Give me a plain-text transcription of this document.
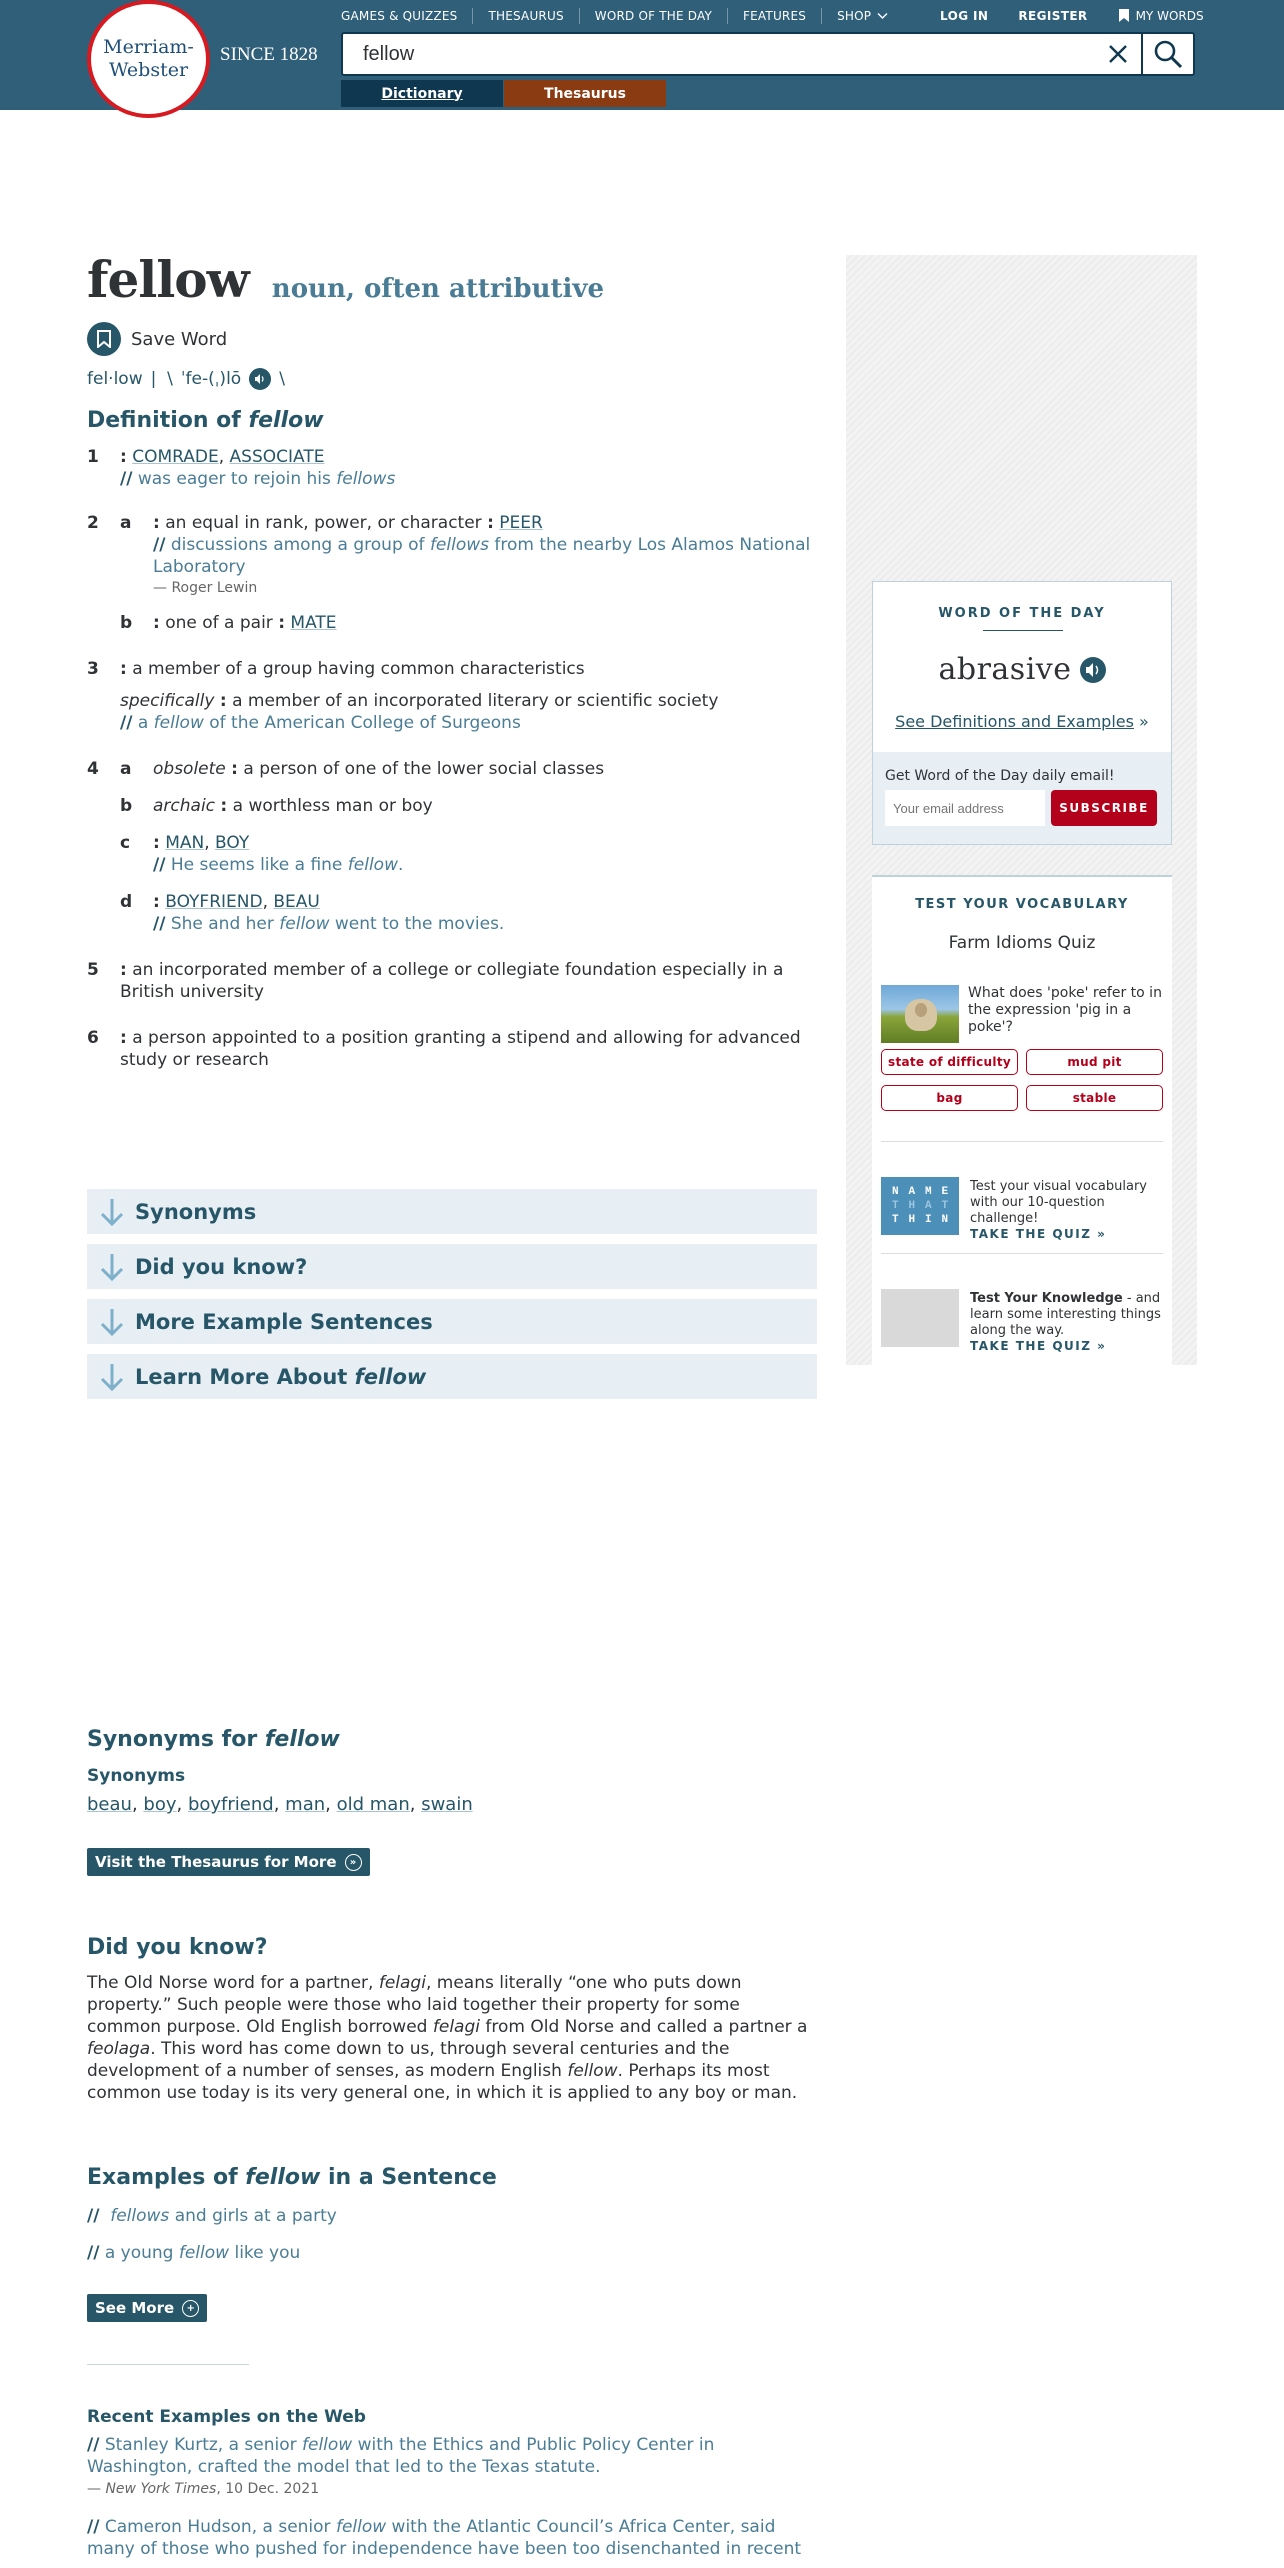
Merriam-
Webster
SINCE 1828
GAMES & QUIZZES	THESAURUS	WORD OF THE DAY	FEATURES	SHOP	LOG IN	REGISTER	MY WORDS
fellow
Dictionary	Thesaurus
fellow noun, often attributive
Save Word
fel·low |  \ ˈfe-(ˌ)lō \
Definition of fellow
1 : COMRADE, ASSOCIATE
// was eager to rejoin his fellows
2 a : an equal in rank, power, or character : PEER
// discussions among a group of fellows from the nearby Los Alamos National Laboratory
— Roger Lewin
b : one of a pair : MATE
3 : a member of a group having common characteristics
specifically : a member of an incorporated literary or scientific society
// a fellow of the American College of Surgeons
4 a obsolete : a person of one of the lower social classes
b archaic : a worthless man or boy
c : MAN, BOY
// He seems like a fine fellow.
d : BOYFRIEND, BEAU
// She and her fellow went to the movies.
5 : an incorporated member of a college or collegiate foundation especially in a British university
6 : a person appointed to a position granting a stipend and allowing for advanced study or research
Synonyms
Did you know?
More Example Sentences
Learn More About fellow
Synonyms for fellow
Synonyms
beau, boy, boyfriend, man, old man, swain
Visit the Thesaurus for More	»
Did you know?

The Old Norse word for a partner, felagi, means literally “one who puts down property.” Such people were those who laid together their property for some common purpose. Old English borrowed felagi from Old Norse and called a partner a feolaga. This word has come down to us, through several centuries and the development of a number of senses, as modern English fellow. Perhaps its most common use today is its very general one, in which it is applied to any boy or man.

Examples of fellow in a Sentence
// fellows and girls at a party
// a young fellow like you
See More	+
Recent Examples on the Web
// Stanley Kurtz, a senior fellow with the Ethics and Public Policy Center in Washington, crafted the model that led to the Texas statute.
— New York Times, 10 Dec. 2021
// Cameron Hudson, a senior fellow with the Atlantic Council’s Africa Center, said many of those who pushed for independence have been too disenchanted in recent
WORD OF THE DAY
abrasive
See Definitions and Examples »
Get Word of the Day daily email!
Your email address
SUBSCRIBE
TEST YOUR VOCABULARY
Farm Idioms Quiz
What does 'poke' refer to in the expression 'pig in a poke'?
state of difficulty	mud pit
bag	stable
N A M E
T H A T
T H I N
Test your visual vocabulary with our 10-question challenge!
TAKE THE QUIZ »
Test Your Knowledge - and learn some interesting things along the way.
TAKE THE QUIZ »
